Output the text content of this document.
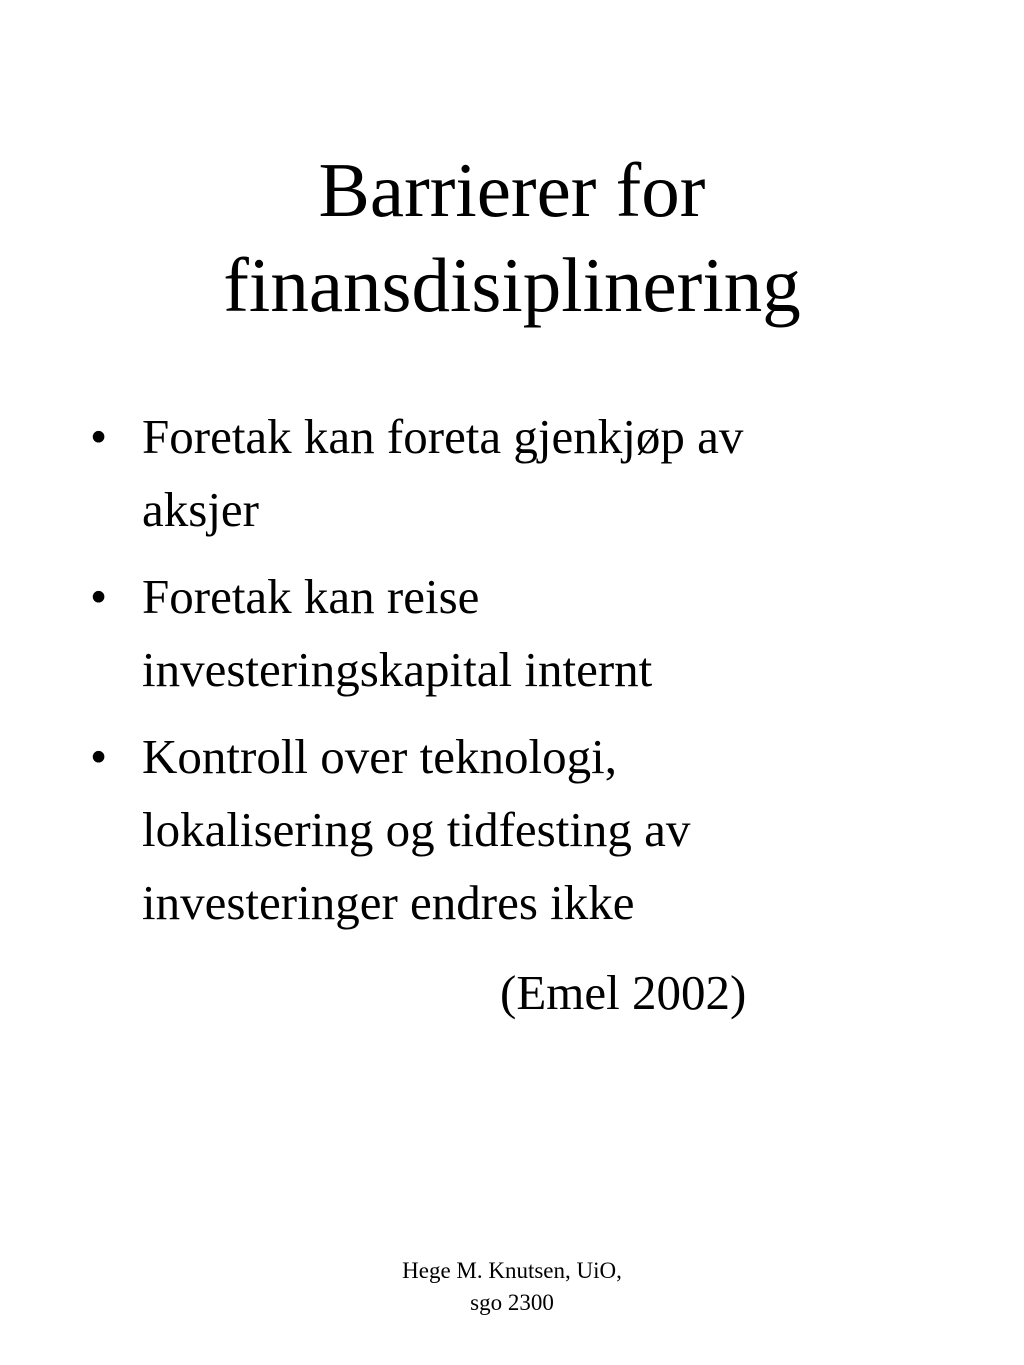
Barrierer for
finansdisiplinering
• Foretak kan foreta gjenkjøp av
aksjer
• Foretak kan reise
investeringskapital internt
• Kontroll over teknologi,
lokalisering og tidfesting av
investeringer endres ikke
(Emel 2002)
Hege M. Knutsen, UiO,
sgo 2300
